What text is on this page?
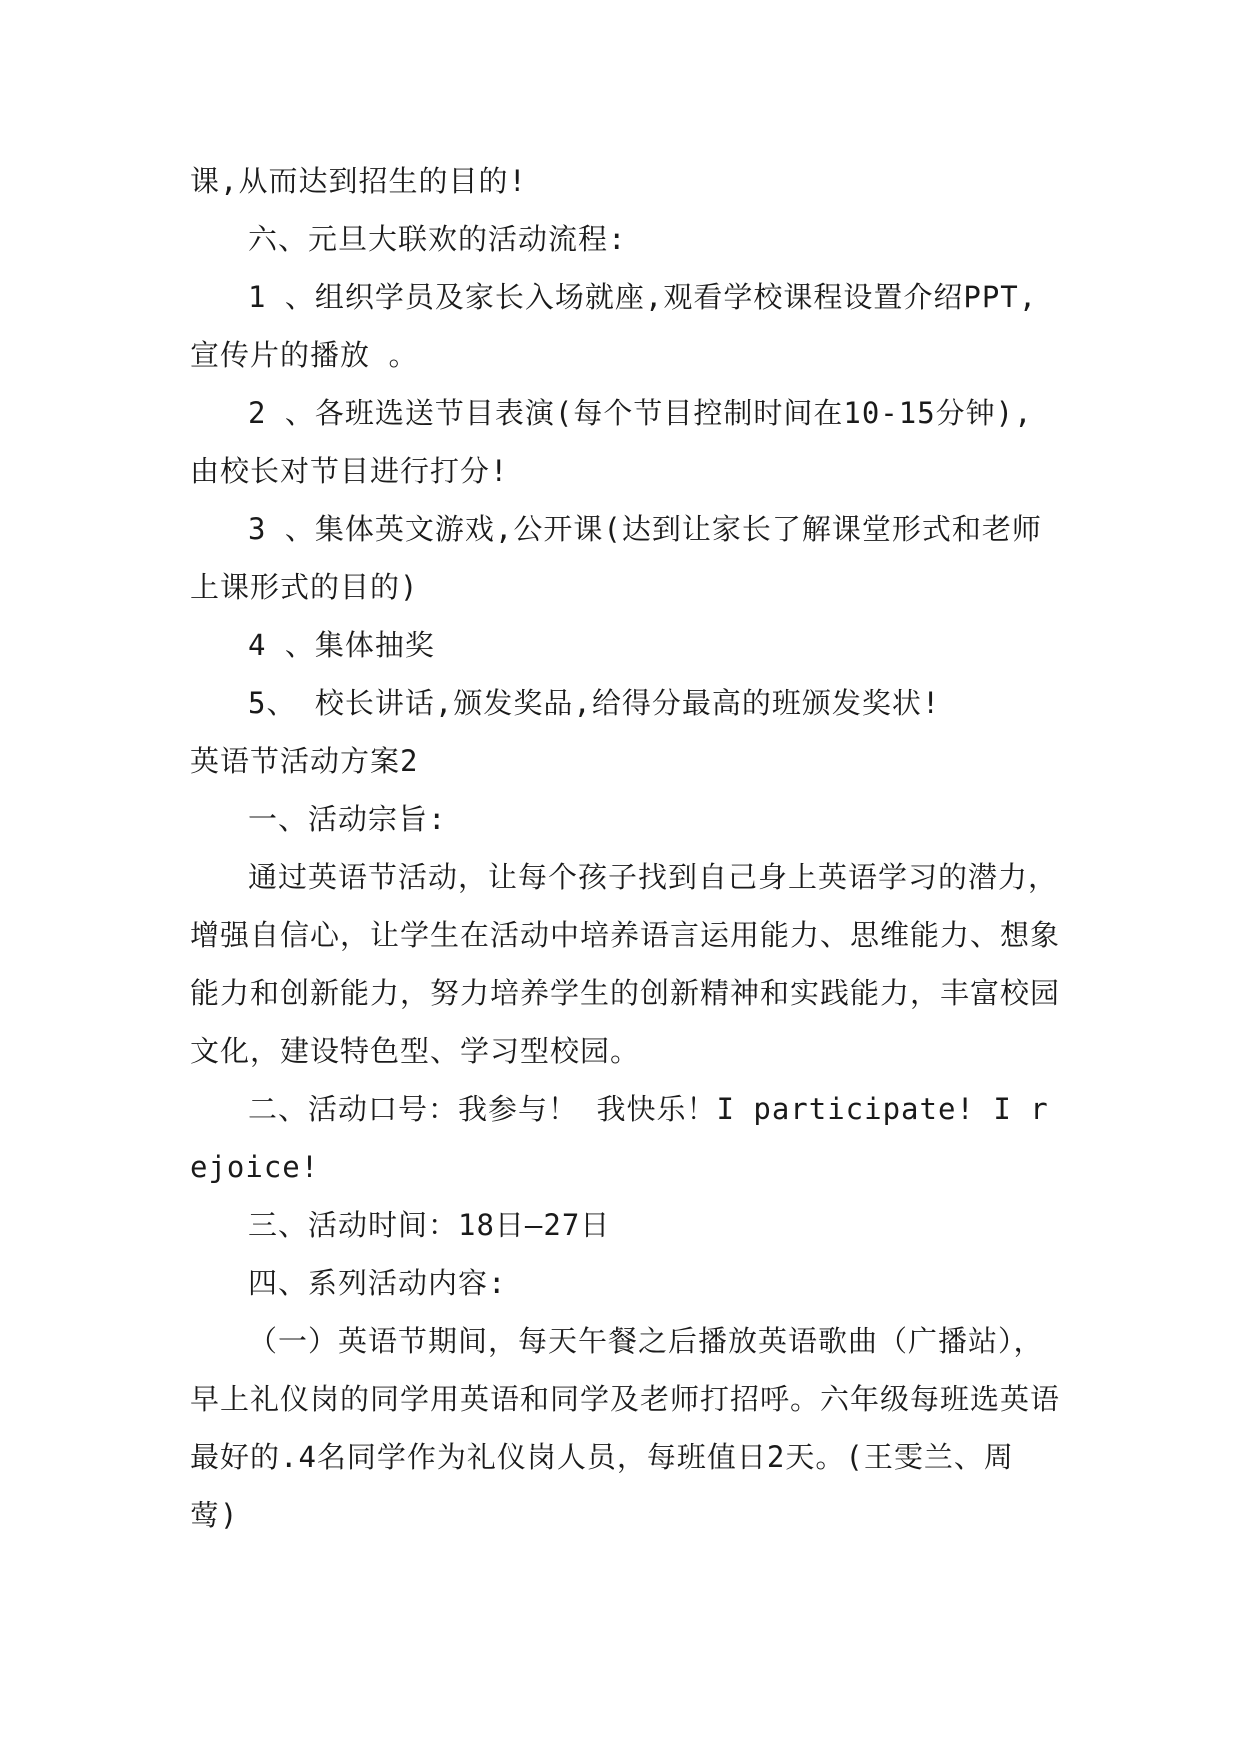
课,从而达到招生的目的!

六、元旦大联欢的活动流程:

1 、组织学员及家长入场就座,观看学校课程设置介绍PPT, 宣传片的播放 。

2 、各班选送节目表演(每个节目控制时间在10-15分钟),由校长对节目进行打分!

3 、集体英文游戏,公开课(达到让家长了解课堂形式和老师上课形式的目的)

4 、集体抽奖

5、 校长讲话,颁发奖品,给得分最高的班颁发奖状!

英语节活动方案2

一、活动宗旨:

通过英语节活动，让每个孩子找到自己身上英语学习的潜力，增强自信心，让学生在活动中培养语言运用能力、思维能力、想象能力和创新能力，努力培养学生的创新精神和实践能力，丰富校园文化，建设特色型、学习型校园。

二、活动口号：我参与！ 我快乐！I participate! I rejoice!

三、活动时间：18日—27日

四、系列活动内容:

（一）英语节期间，每天午餐之后播放英语歌曲（广播站），早上礼仪岗的同学用英语和同学及老师打招呼。六年级每班选英语最好的.4名同学作为礼仪岗人员，每班值日2天。(王雯兰、周莺)
